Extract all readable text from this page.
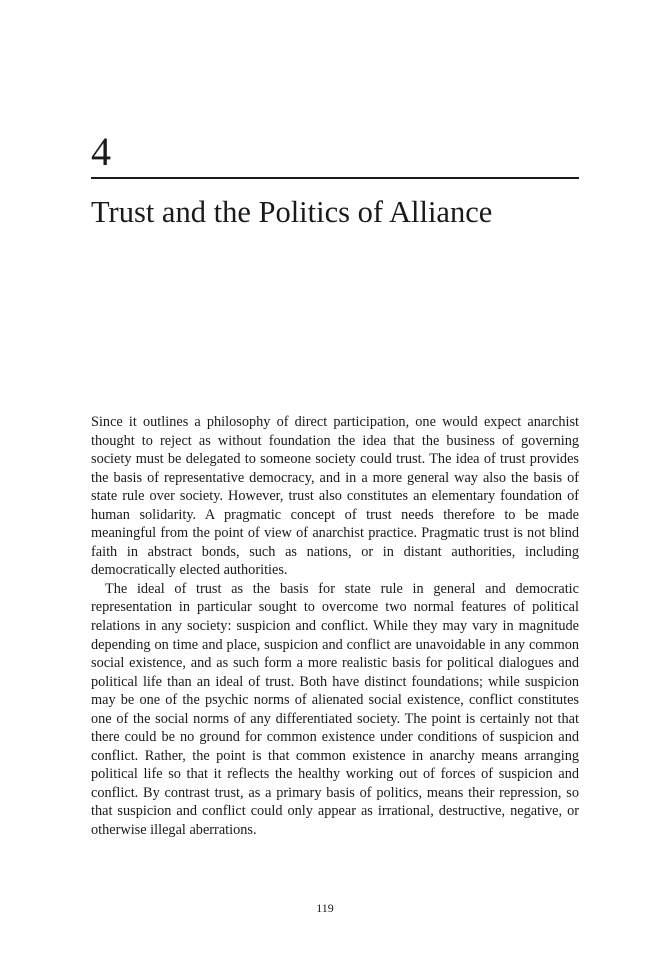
4
Trust and the Politics of Alliance

Since it outlines a philosophy of direct participation, one would expect anarchist thought to reject as without foundation the idea that the business of governing society must be delegated to someone society could trust. The idea of trust provides the basis of representative democracy, and in a more general way also the basis of state rule over society. However, trust also constitutes an elementary foundation of human solidarity. A pragmatic concept of trust needs therefore to be made meaningful from the point of view of anarchist practice. Pragmatic trust is not blind faith in abstract bonds, such as nations, or in distant authorities, including democratically elected authorities.

The ideal of trust as the basis for state rule in general and democratic representation in particular sought to overcome two normal features of political relations in any society: suspicion and conflict. While they may vary in magnitude depending on time and place, suspicion and conflict are unavoidable in any common social existence, and as such form a more realistic basis for political dialogues and political life than an ideal of trust. Both have distinct foundations; while suspicion may be one of the psychic norms of alienated social existence, conflict constitutes one of the social norms of any differentiated society. The point is certainly not that there could be no ground for common existence under conditions of suspicion and conflict. Rather, the point is that common existence in anarchy means arranging political life so that it reflects the healthy working out of forces of suspicion and conflict. By contrast trust, as a primary basis of politics, means their repression, so that suspicion and conflict could only appear as irrational, destructive, negative, or otherwise illegal aberrations.

119
